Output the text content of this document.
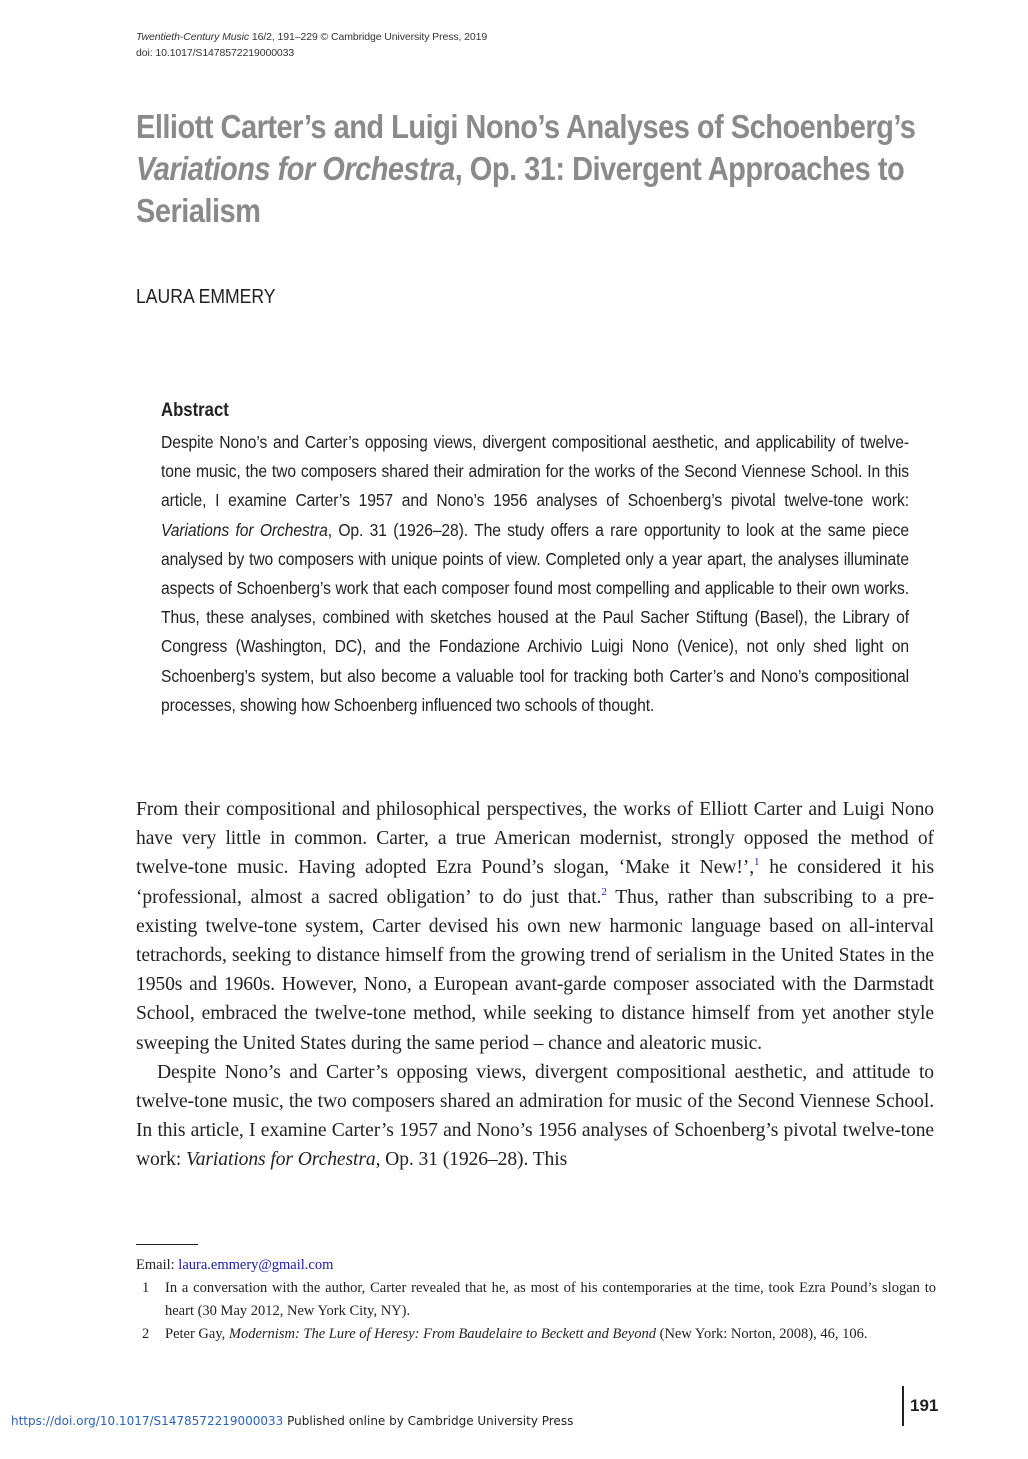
Twentieth-Century Music 16/2, 191–229 © Cambridge University Press, 2019
doi: 10.1017/S1478572219000033
Elliott Carter’s and Luigi Nono’s Analyses of Schoenberg’s
Variations for Orchestra, Op. 31: Divergent Approaches to
Serialism
LAURA EMMERY
Abstract
Despite Nono’s and Carter’s opposing views, divergent compositional aesthetic, and applicability of twelve-tone music, the two composers shared their admiration for the works of the Second Viennese School. In this article, I examine Carter’s 1957 and Nono’s 1956 analyses of Schoenberg’s pivotal twelve-tone work: Variations for Orchestra, Op. 31 (1926–28). The study offers a rare opportunity to look at the same piece analysed by two composers with unique points of view. Completed only a year apart, the analyses illuminate aspects of Schoenberg’s work that each composer found most compelling and applicable to their own works. Thus, these analyses, combined with sketches housed at the Paul Sacher Stiftung (Basel), the Library of Congress (Washington, DC), and the Fondazione Archivio Luigi Nono (Venice), not only shed light on Schoenberg’s system, but also become a valuable tool for tracking both Carter’s and Nono’s compositional processes, showing how Schoenberg influenced two schools of thought.

From their compositional and philosophical perspectives, the works of Elliott Carter and Luigi Nono have very little in common. Carter, a true American modernist, strongly opposed the method of twelve-tone music. Having adopted Ezra Pound’s slogan, ‘Make it New!’,$^1$ he considered it his ‘professional, almost a sacred obligation’ to do just that.$^2$ Thus, rather than subscribing to a pre-existing twelve-tone system, Carter devised his own new harmonic language based on all-interval tetrachords, seeking to distance himself from the growing trend of serialism in the United States in the 1950s and 1960s. However, Nono, a European avant-garde composer associated with the Darmstadt School, embraced the twelve-tone method, while seeking to distance himself from yet another style sweeping the United States during the same period – chance and aleatoric music.

Despite Nono’s and Carter’s opposing views, divergent compositional aesthetic, and attitude to twelve-tone music, the two composers shared an admiration for music of the Second Viennese School. In this article, I examine Carter’s 1957 and Nono’s 1956 analyses of Schoenberg’s pivotal twelve-tone work: Variations for Orchestra, Op. 31 (1926–28). This

Email: laura.emmery@gmail.com
1 In a conversation with the author, Carter revealed that he, as most of his contemporaries at the time, took Ezra Pound’s slogan to heart (30 May 2012, New York City, NY).
2 Peter Gay, Modernism: The Lure of Heresy: From Baudelaire to Beckett and Beyond (New York: Norton, 2008), 46, 106.
191
https://doi.org/10.1017/S1478572219000033 Published online by Cambridge University Press
